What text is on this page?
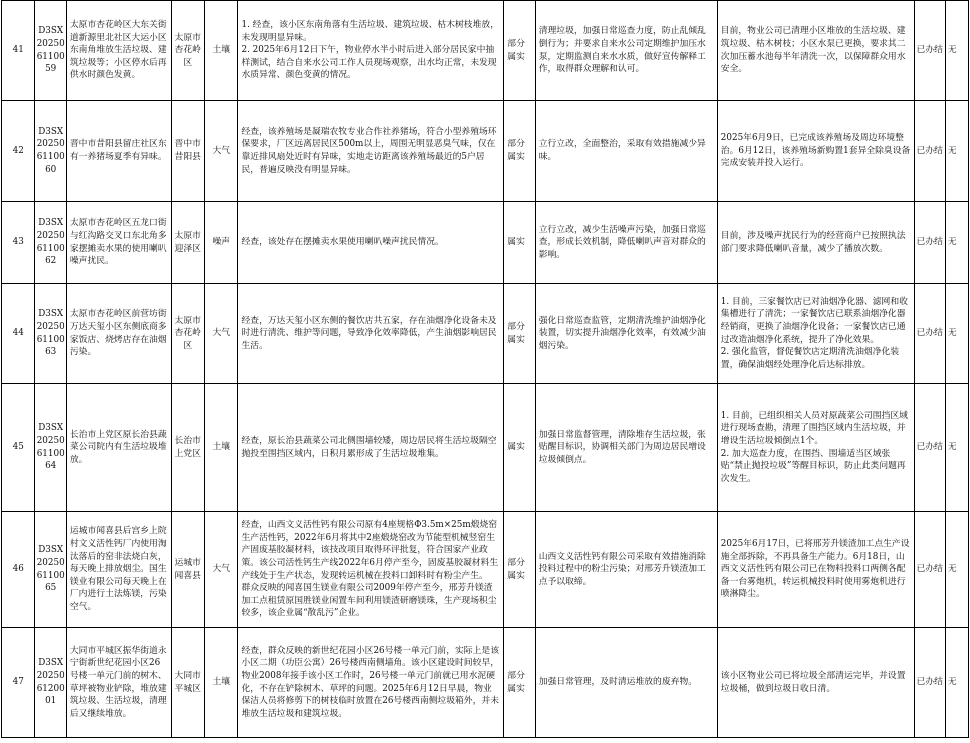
41	D3SX202506110059	太原市杏花岭区大东关街道新源里北社区大运小区东南角堆放生活垃圾、建筑垃圾等；小区停水后再供水时颜色发黄。	太原市杏花岭区	土壤	1. 经查，该小区东南角落有生活垃圾、建筑垃圾、枯木树枝堆放，未发现明显异味。
2. 2025年6月12日下午，物业停水半小时后进入部分居民家中抽样测试，结合自来水公司工作人员现场观察，出水均正常，未发现水质异常、颜色变黄的情况。	部分属实	清理垃圾，加强日常巡查力度，防止乱倾乱倒行为；并要求自来水公司定期维护加压水泵，定期监测自来水水质，做好宣传解释工作，取得群众理解和认可。	目前，物业公司已清理小区堆放的生活垃圾、建筑垃圾、枯木树枝；小区水泵已更换，要求其二次加压蓄水池每半年清洗一次，以保障群众用水安全。	已办结	无
42	D3SX202506110060	晋中市昔阳县留庄社区东有一养猪场夏季有异味。	晋中市昔阳县	大气	经查，该养殖场是凝瑞农牧专业合作社养猪场，符合小型养殖场环保要求，厂区远离居民区500m以上，周围无明显恶臭气味，仅在靠近排风扇处近时有异味，实地走访距离该养殖场最近的5户居民，普遍反映没有明显异味。	部分属实	立行立改，全面整治，采取有效措施减少异味。	2025年6月9日，已完成该养殖场及周边环境整治。6月12日，该养殖场新购置1套异全除臭设备完成安装并投入运行。	已办结	无
43	D3SX202506110062	太原市杏花岭区五龙口街与红沟路交叉口东北角多家摆摊卖水果的使用喇叭噪声扰民。	太原市迎泽区	噪声	经查，该处存在摆摊卖水果使用喇叭噪声扰民情况。	属实	立行立改，减少生活噪声污染，加强日常巡查，形成长效机制，降低喇叭声音对群众的影响。	目前，涉及噪声扰民行为的经营商户已按照执法部门要求降低喇叭音量，减少了播放次数。	已办结	无
44	D3SX202506110063	太原市杏花岭区前营坊街万达天玺小区东侧底商多家饭店、烧烤店存在油烟污染。	太原市杏花岭区	大气	经查，万达天玺小区东侧的餐饮店共五家，存在油烟净化设备未及时进行清洗、维护等问题，导致净化效率降低，产生油烟影响居民生活。	部分属实	强化日常巡查监管，定期清洗维护油烟净化装置，切实提升油烟净化效率，有效减少油烟污染。	1. 目前，三家餐饮店已对油烟净化器、滤网和收集槽进行了清洗；一家餐饮店已联系油烟净化器经销商，更换了油烟净化设备；一家餐饮店已通过改造油烟净化系统，提升了净化效果。
2. 强化监管，督促餐饮店定期清洗油烟净化装置，确保油烟经处理净化后达标排放。	已办结	无
45	D3SX202506110064	长治市上党区原长治县蔬菜公司院内有生活垃圾堆放。	长治市上党区	土壤	经查，原长治县蔬菜公司北侧围墙较矮，周边居民将生活垃圾隔空抛投至围挡区域内，日积月累形成了生活垃圾堆集。	属实	加强日常监督管理，清除堆存生活垃圾，张贴醒目标识，协调相关部门为周边居民增设垃圾倾倒点。	1. 目前，已组织相关人员对原蔬菜公司围挡区域进行现场查勘，清理了围挡区域内生活垃圾，并增设生活垃圾倾倒点1个。
2. 加大巡查力度，在围挡、围墙适当区域张贴“禁止抛投垃圾”等醒目标识，防止此类问题再次发生。	已办结	无
46	D3SX202506110065	运城市闻喜县后宫乡上院村文义活性钙厂内使用淘汰落后的窑非法烧白灰，每天晚上排放烟尘。国生镁业有限公司每天晚上在厂内进行土法炼镁，污染空气。	运城市闻喜县	大气	经查，山西文义活性钙有限公司原有4座规格Φ3.5m×25m煅烧窑生产活性钙，2022年6月将其中2座煅烧窑改为节能型机械竖窑生产固废基胶凝材料，该技改项目取得环评批复，符合国家产业政策。该公司活性钙生产线2022年6月停产至今，固废基胶凝材料生产线处于生产状态，发现转运机械在投料口卸料时有粉尘产生。
群众反映的闻喜国生镁业有限公司2009年停产至今，邢芳升镁渣加工点租赁原国胜镁业闲置车间利用镁渣研磨镁珠，生产现场积尘较多，该企业属“散乱污”企业。	部分属实	山西文义活性钙有限公司采取有效措施消除投料过程中的粉尘污染；对邢芳升镁渣加工点予以取缔。	2025年6月17日，已将邢芳升镁渣加工点生产设施全部拆除，不再具备生产能力。6月18日，山西文义活性钙有限公司已在物料投料口两侧各配备一台雾炮机，转运机械投料时使用雾炮机进行喷淋降尘。	已办结	无
47	D3SX202506120001	大同市平城区振华街道永宁街新世纪花园小区26号楼一单元门前的树木、草坪被物业铲除，堆放建筑垃圾、生活垃圾，清理后又继续堆放。	大同市平城区	土壤	经查，群众反映的新世纪花园小区26号楼一单元门前，实际上是该小区二期（功臣公寓）26号楼西南侧墙角。该小区建设时间较早，物业2008年接手该小区工作时，26号楼一单元门前就已用水泥硬化，不存在铲除树木、草坪的问题。2025年6月12日早晨，物业保洁人员将修剪下的树枝临时放置在26号楼西南侧垃圾箱外，并未堆放生活垃圾和建筑垃圾。	部分属实	加强日常管理，及时清运堆放的废弃物。	该小区物业公司已将垃圾全部清运完毕，并设置垃圾桶，做到垃圾日收日清。	已办结	无
